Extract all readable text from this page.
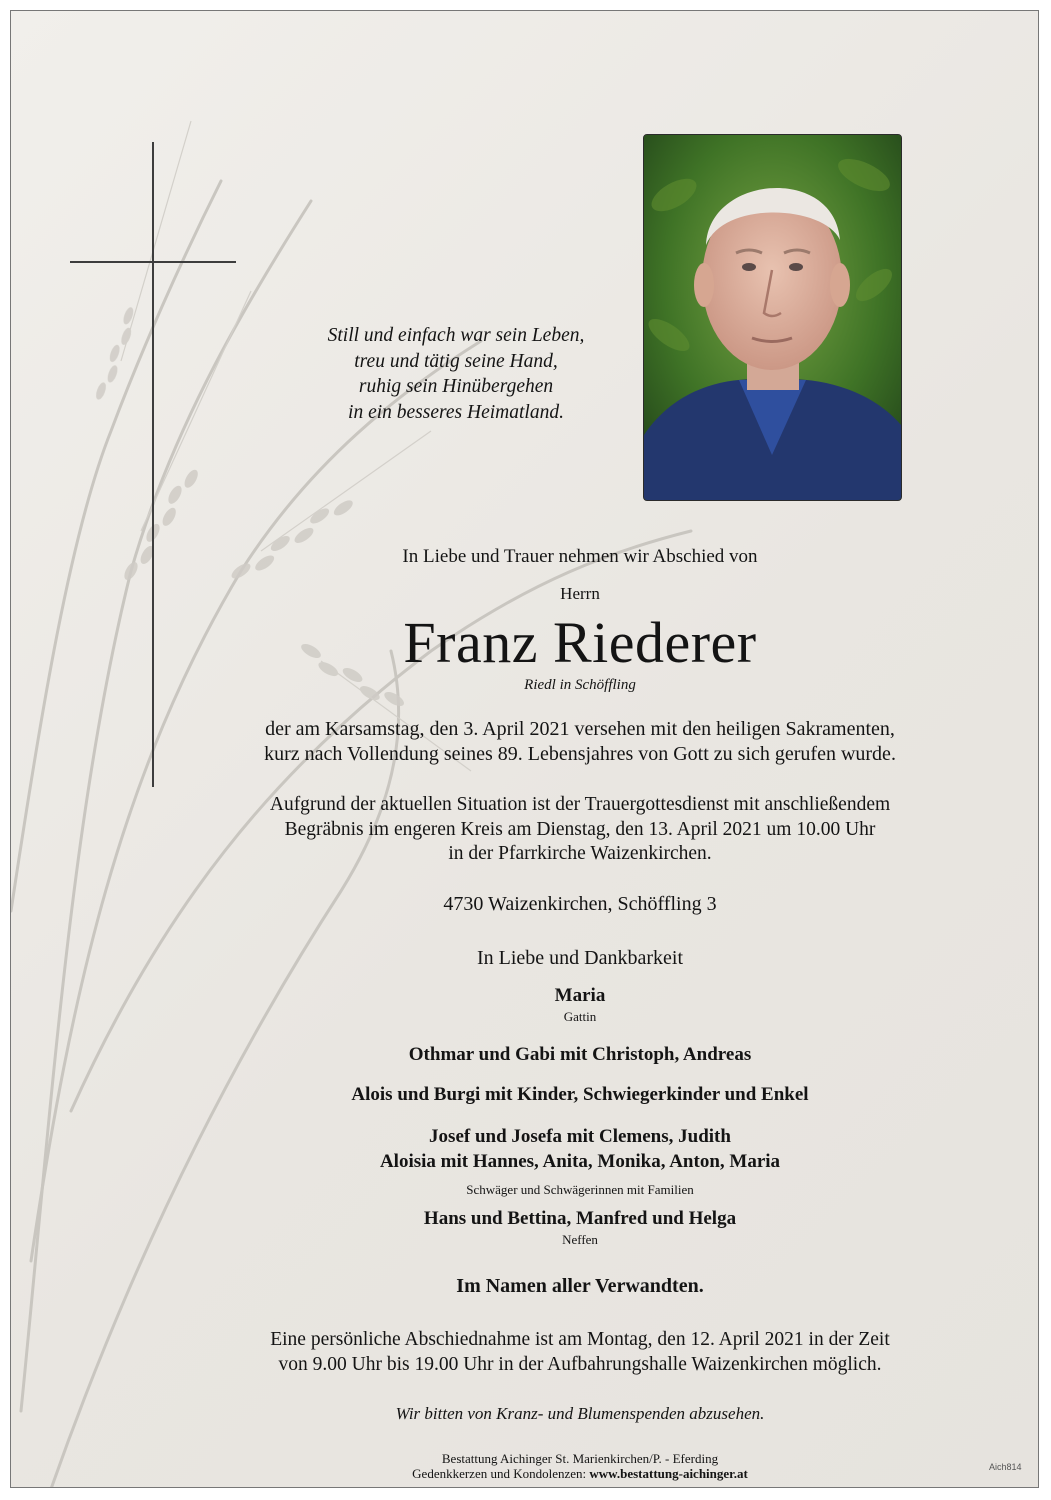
Still und einfach war sein Leben,
treu und tätig seine Hand,
ruhig sein Hinübergehen
in ein besseres Heimatland.
In Liebe und Trauer nehmen wir Abschied von
Herrn
Franz Riederer
Riedl in Schöffling
der am Karsamstag, den 3. April 2021 versehen mit den heiligen Sakramenten,
kurz nach Vollendung seines 89. Lebensjahres von Gott zu sich gerufen wurde.
Aufgrund der aktuellen Situation ist der Trauergottesdienst mit anschließendem
Begräbnis im engeren Kreis am Dienstag, den 13. April 2021 um 10.00 Uhr
in der Pfarrkirche Waizenkirchen.
4730 Waizenkirchen, Schöffling 3
In Liebe und Dankbarkeit
Maria
Gattin
Othmar und Gabi mit Christoph, Andreas
Alois und Burgi mit Kinder, Schwiegerkinder und Enkel
Josef und Josefa mit Clemens, Judith
Aloisia mit Hannes, Anita, Monika, Anton, Maria
Schwäger und Schwägerinnen mit Familien
Hans und Bettina, Manfred und Helga
Neffen
Im Namen aller Verwandten.
Eine persönliche Abschiednahme ist am Montag, den 12. April 2021 in der Zeit
von 9.00 Uhr bis 19.00 Uhr in der Aufbahrungshalle Waizenkirchen möglich.
Wir bitten von Kranz- und Blumenspenden abzusehen.
Bestattung Aichinger St. Marienkirchen/P. - Eferding
Gedenkkerzen und Kondolenzen: www.bestattung-aichinger.at	Aich814
